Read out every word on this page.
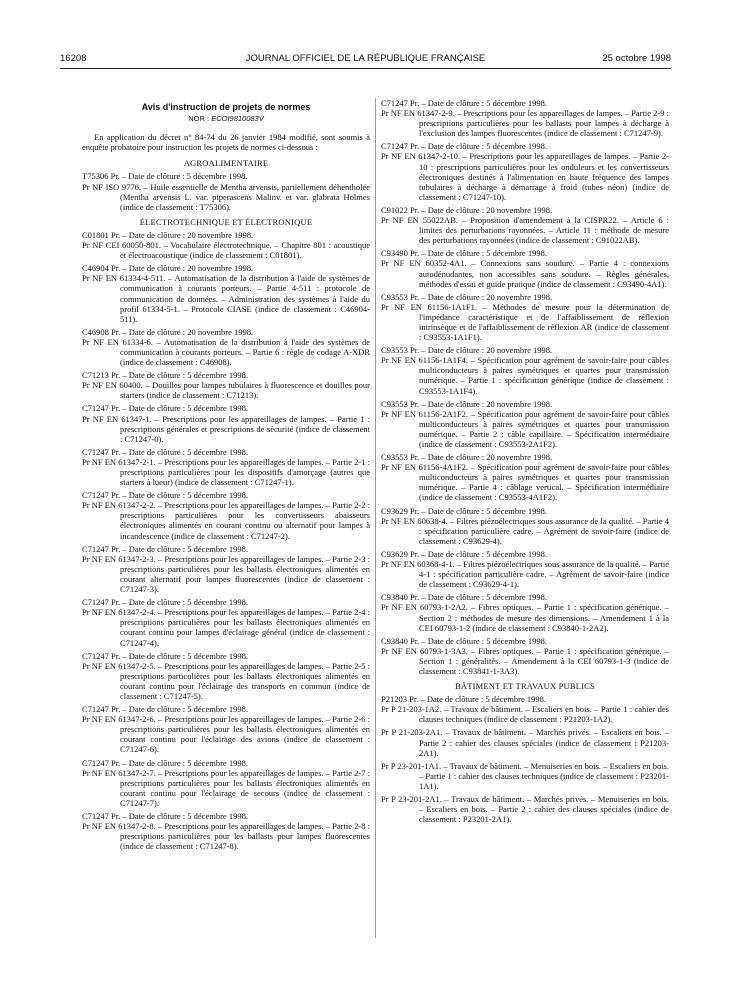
16208	JOURNAL OFFICIEL DE LA RÉPUBLIQUE FRANÇAISE	25 octobre 1998
Avis d'instruction de projets de normes
NOR : ECOI9810083V
En application du décret n° 84-74 du 26 janvier 1984 modifié, sont soumis à enquête probatoire pour instruction les projets de normes ci-dessous :
AGROALIMENTAIRE
T75306 Pr. – Date de clôture : 5 décembre 1998.
Pr NF ISO 9776. – Huile essentielle de Mentha arvensis, partiellement déhentholée (Mentha arvensis L. var. piperascens Malinv. et var. glabrata Holmes (indice de classement : T75306).
ÉLECTROTECHNIQUE ET ÉLECTRONIQUE
C01801 Pr. – Date de clôture : 20 novembre 1998.
Pr NF CEI 60050-801. – Vocabulaire électrotechnique. – Chapitre 801 : acoustique et électroacoustique (indice de classement : C01801).
C46904 Pr. – Date de clôture : 20 novembre 1998.
Pr NF EN 61334-4-511. – Automatisation de la distribution à l'aide de systèmes de communication à courants porteurs. – Partie 4-511 : protocole de communication de données. – Administration des systèmes à l'aide du profil 61334-5-1. – Protocole CIASE (indice de classement : C46904-511).
C46908 Pr. – Date de clôture : 20 novembre 1998.
Pr NF EN 61334-6. – Automatisation de la distribution à l'aide des systèmes de communication à courants porteurs. – Partie 6 : règle de codage A-XDR (indice de classement : C46908).
C71213 Pr. – Date de clôture : 5 décembre 1998.
Pr NF EN 60400. – Douilles pour lampes tubulaires à fluorescence et douilles pour starters (indice de classement : C71213).
C71247 Pr. – Date de clôture : 5 décembre 1998.
Pr NF EN 61347-1. – Prescriptions pour les appareillages de lampes. – Partie 1 : prescriptions générales et prescriptions de sécurité (indice de classement : C71247-0).
C71247 Pr. – Date de clôture : 5 décembre 1998.
Pr NF EN 61347-2-1. – Prescriptions pour les appareillages de lampes. – Partie 2-1 : prescriptions particulières pour les dispositifs d'amorçage (autres que starters à lueur) (indice de classement : C71247-1).
C71247 Pr. – Date de clôture : 5 décembre 1998.
Pr NF EN 61347-2-2. – Prescriptions pour les appareillages de lampes. – Partie 2-2 : prescriptions particulières pour les convertisseurs abaisseurs électroniques alimentés en courant continu ou alternatif pour lampes à incandescence (indice de classement : C71247-2).
C71247 Pr. – Date de clôture : 5 décembre 1998.
Pr NF EN 61347-2-3. – Prescriptions pour les appareillages de lampes. – Partie 2-3 : prescriptions particulières pour les ballasts électroniques alimentés en courant alternatif pour lampes fluorescentes (indice de classement : C71247-3).
C71247 Pr. – Date de clôture : 5 décembre 1998.
Pr NF EN 61347-2-4. – Prescriptions pour les appareillages de lampes. – Partie 2-4 : prescriptions particulières pour les ballasts électroniques alimentés en courant continu pour lampes d'éclairage général (indice de classement : C71247-4).
C71247 Pr. – Date de clôture : 5 décembre 1998.
Pr NF EN 61347-2-5. – Prescriptions pour les appareillages de lampes. – Partie 2-5 : prescriptions particulières pour les ballasts électroniques alimentés en courant continu pour l'éclairage des transports en commun (indice de classement : C71247-5).
C71247 Pr. – Date de clôture : 5 décembre 1998.
Pr NF EN 61347-2-6. – Prescriptions pour les appareillages de lampes. – Partie 2-6 : prescriptions particulières pour les ballasts électroniques alimentés en courant continu pour l'éclairage des avions (indice de classement : C71247-6).
C71247 Pr. – Date de clôture : 5 décembre 1998.
Pr NF EN 61347-2-7. – Prescriptions pour les appareillages de lampes. – Partie 2-7 : prescriptions particulières pour les ballasts électroniques alimentés en courant continu pour l'éclairage de secours (indice de classement : C71247-7).
C71247 Pr. – Date de clôture : 5 décembre 1998.
Pr NF EN 61347-2-8. – Prescriptions pour les appareillages de lampes. – Partie 2-8 : prescriptions particulières pour les ballasts pour lampes fluorescentes (indice de classement : C71247-8).
C71247 Pr. – Date de clôture : 5 décembre 1998.
Pr NF EN 61347-2-9. – Prescriptions pour les appareillages de lampes. – Partie 2-9 : prescriptions particulières pour les ballasts pour lampes à décharge à l'exclusion des lampes fluorescentes (indice de classement : C71247-9).
C71247 Pr. – Date de clôture : 5 décembre 1998.
Pr NF EN 61347-2-10. – Prescriptions pour les appareillages de lampes. – Partie 2-10 : prescriptions particulières pour les onduleurs et les convertisseurs électroniques destinés à l'alimentation en haute fréquence des lampes tubulaires à décharge à démarrage à froid (tubes néon) (indice de classement : C71247-10).
C91022 Pr. – Date de clôture : 20 novembre 1998.
Pr NF EN 55022AB. – Proposition d'amendement à la CISPR22. – Article 6 : limites des perturbations rayonnées. – Article 11 : méthode de mesure des perturbations rayonnées (indice de classement : C91022AB).
C93490 Pr. – Date de clôture : 5 décembre 1998.
Pr NF EN 60352-4A1. – Connexions sans soudure. – Partie 4 : connexions autodénudantes, non accessibles sans soudure. – Règles générales, méthodes d'essai et guide pratique (indice de classement : C93490-4A1).
C93553 Pr. – Date de clôture : 20 novembre 1998.
Pr NF EN 61156-1A1F1. – Méthodes de mesure pour la détermination de l'impédance caractéristique et de l'affaiblissement de réflexion intrinsèque et de l'affaiblissement de réflexion AR (indice de classement : C93553-1A1F1).
C93553 Pr. – Date de clôture : 20 novembre 1998.
Pr NF EN 61156-1A1F4. – Spécification pour agrément de savoir-faire pour câbles multiconducteurs à paires symétriques et quartes pour transmission numérique. – Partie 1 : spécification générique (indice de classement : C93553-1A1F4).
C93553 Pr. – Date de clôture : 20 novembre 1998.
Pr NF EN 61156-2A1F2. – Spécification pour agrément de savoir-faire pour câbles multiconducteurs à paires symétriques et quartes pour transmission numérique. – Partie 2 : câble capillaire. – Spécification intermédiaire (indice de classement : C93553-2A1F2).
C93553 Pr. – Date de clôture : 20 novembre 1998.
Pr NF EN 61156-4A1F2. – Spécification pour agrément de savoir-faire pour câbles multiconducteurs à paires symétriques et quartes pour transmission numérique. – Partie 4 : câblage vertical. – Spécification intermédiaire (indice de classement : C93553-4A1F2).
C93629 Pr. – Date de clôture : 5 décembre 1998.
Pr NF EN 60638-4. – Filtres piézoélectriques sous assurance de la qualité. – Partie 4 : spécification particulière cadre. – Agrément de savoir-faire (indice de classement : C93629-4).
C93629 Pr. – Date de clôture : 5 décembre 1998.
Pr NF EN 60368-4-1. – Filtres piézoélectriques sous assurance de la qualité. – Partie 4-1 : spécification particulière cadre. – Agrément de savoir-faire (indice de classement : C93629-4-1).
C93840 Pr. – Date de clôture : 5 décembre 1998.
Pr NF EN 60793-1-2A2. – Fibres optiques. – Partie 1 : spécification générique. – Section 2 : méthodes de mesure des dimensions. – Amendement 1 à la CEI 60793-1-2 (indice de classement : C93840-1-2A2).
C93840 Pr. – Date de clôture : 5 décembre 1998.
Pr NF EN 60793-1-3A3. – Fibres optiques. – Partie 1 : spécification générique. – Section 1 : généralités. – Amendement à la CEI 60793-1-3 (indice de classement : C93841-1-3A3).
BÂTIMENT ET TRAVAUX PUBLICS
P21203 Pr. – Date de clôture : 5 décembre 1998.
Pr P 21-203-1A2. – Travaux de bâtiment. – Escaliers en bois. – Partie 1 : cahier des clauses techniques (indice de classement : P21203-1A2).
Pr P 21-203-2A1. – Travaux de bâtiment. – Marchés privés. – Escaliers en bois. – Partie 2 : cahier des clauses spéciales (indice de classement : P21203-2A1).
Pr P 23-201-1A1. – Travaux de bâtiment. – Menuiseries en bois. – Escaliers en bois. – Partie 1 : cahier des clauses techniques (indice de classement : P23201-1A1).
Pr P 23-201-2A1. – Travaux de bâtiment. – Marchés privés. – Menuiseries en bois. – Escaliers en bois. – Partie 2 : cahier des clauses spéciales (indice de classement : P23201-2A1).
